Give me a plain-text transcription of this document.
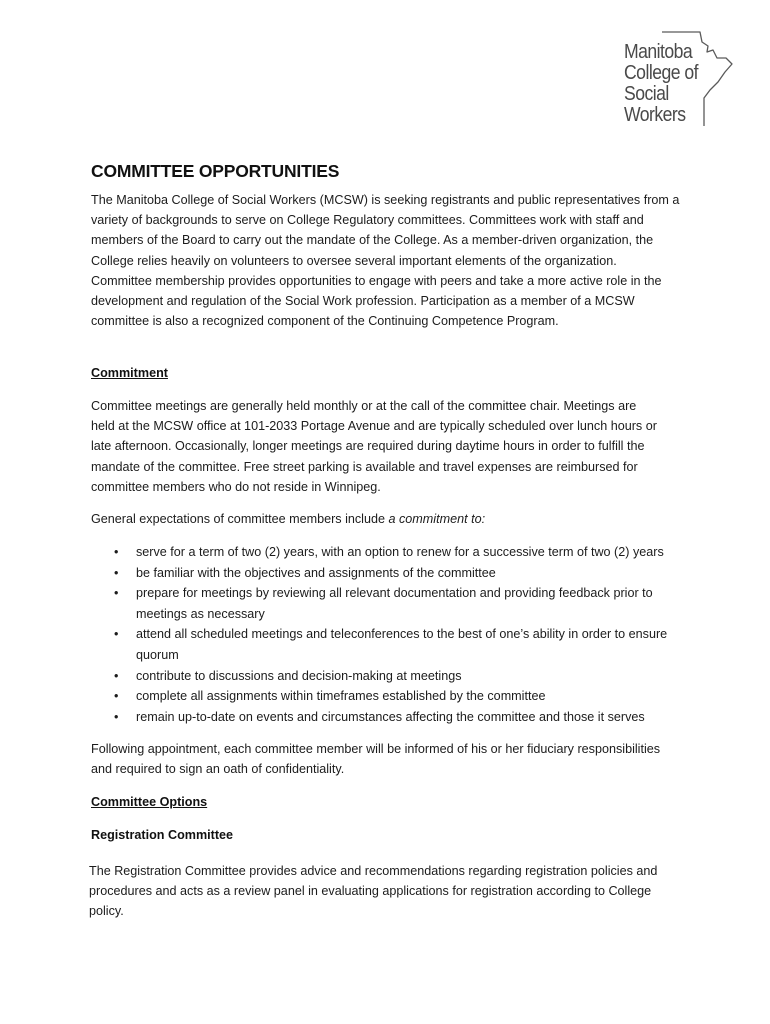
Manitoba
College of
Social
Workers
COMMITTEE OPPORTUNITIES

The Manitoba College of Social Workers (MCSW) is seeking registrants and public representatives from a
variety of backgrounds to serve on College Regulatory committees. Committees work with staff and
members of the Board to carry out the mandate of the College. As a member-driven organization, the
College relies heavily on volunteers to oversee several important elements of the organization.
Committee membership provides opportunities to engage with peers and take a more active role in the
development and regulation of the Social Work profession. Participation as a member of a MCSW
committee is also a recognized component of the Continuing Competence Program.

Commitment

Committee meetings are generally held monthly or at the call of the committee chair. Meetings are
held at the MCSW office at 101-2033 Portage Avenue and are typically scheduled over lunch hours or
late afternoon. Occasionally, longer meetings are required during daytime hours in order to fulfill the
mandate of the committee. Free street parking is available and travel expenses are reimbursed for
committee members who do not reside in Winnipeg.

General expectations of committee members include a commitment to:

• serve for a term of two (2) years, with an option to renew for a successive term of two (2) years
• be familiar with the objectives and assignments of the committee
• prepare for meetings by reviewing all relevant documentation and providing feedback prior to
meetings as necessary
• attend all scheduled meetings and teleconferences to the best of one’s ability in order to ensure
quorum
• contribute to discussions and decision-making at meetings
• complete all assignments within timeframes established by the committee
• remain up-to-date on events and circumstances affecting the committee and those it serves

Following appointment, each committee member will be informed of his or her fiduciary responsibilities
and required to sign an oath of confidentiality.

Committee Options
Registration Committee

The Registration Committee provides advice and recommendations regarding registration policies and
procedures and acts as a review panel in evaluating applications for registration according to College
policy.
